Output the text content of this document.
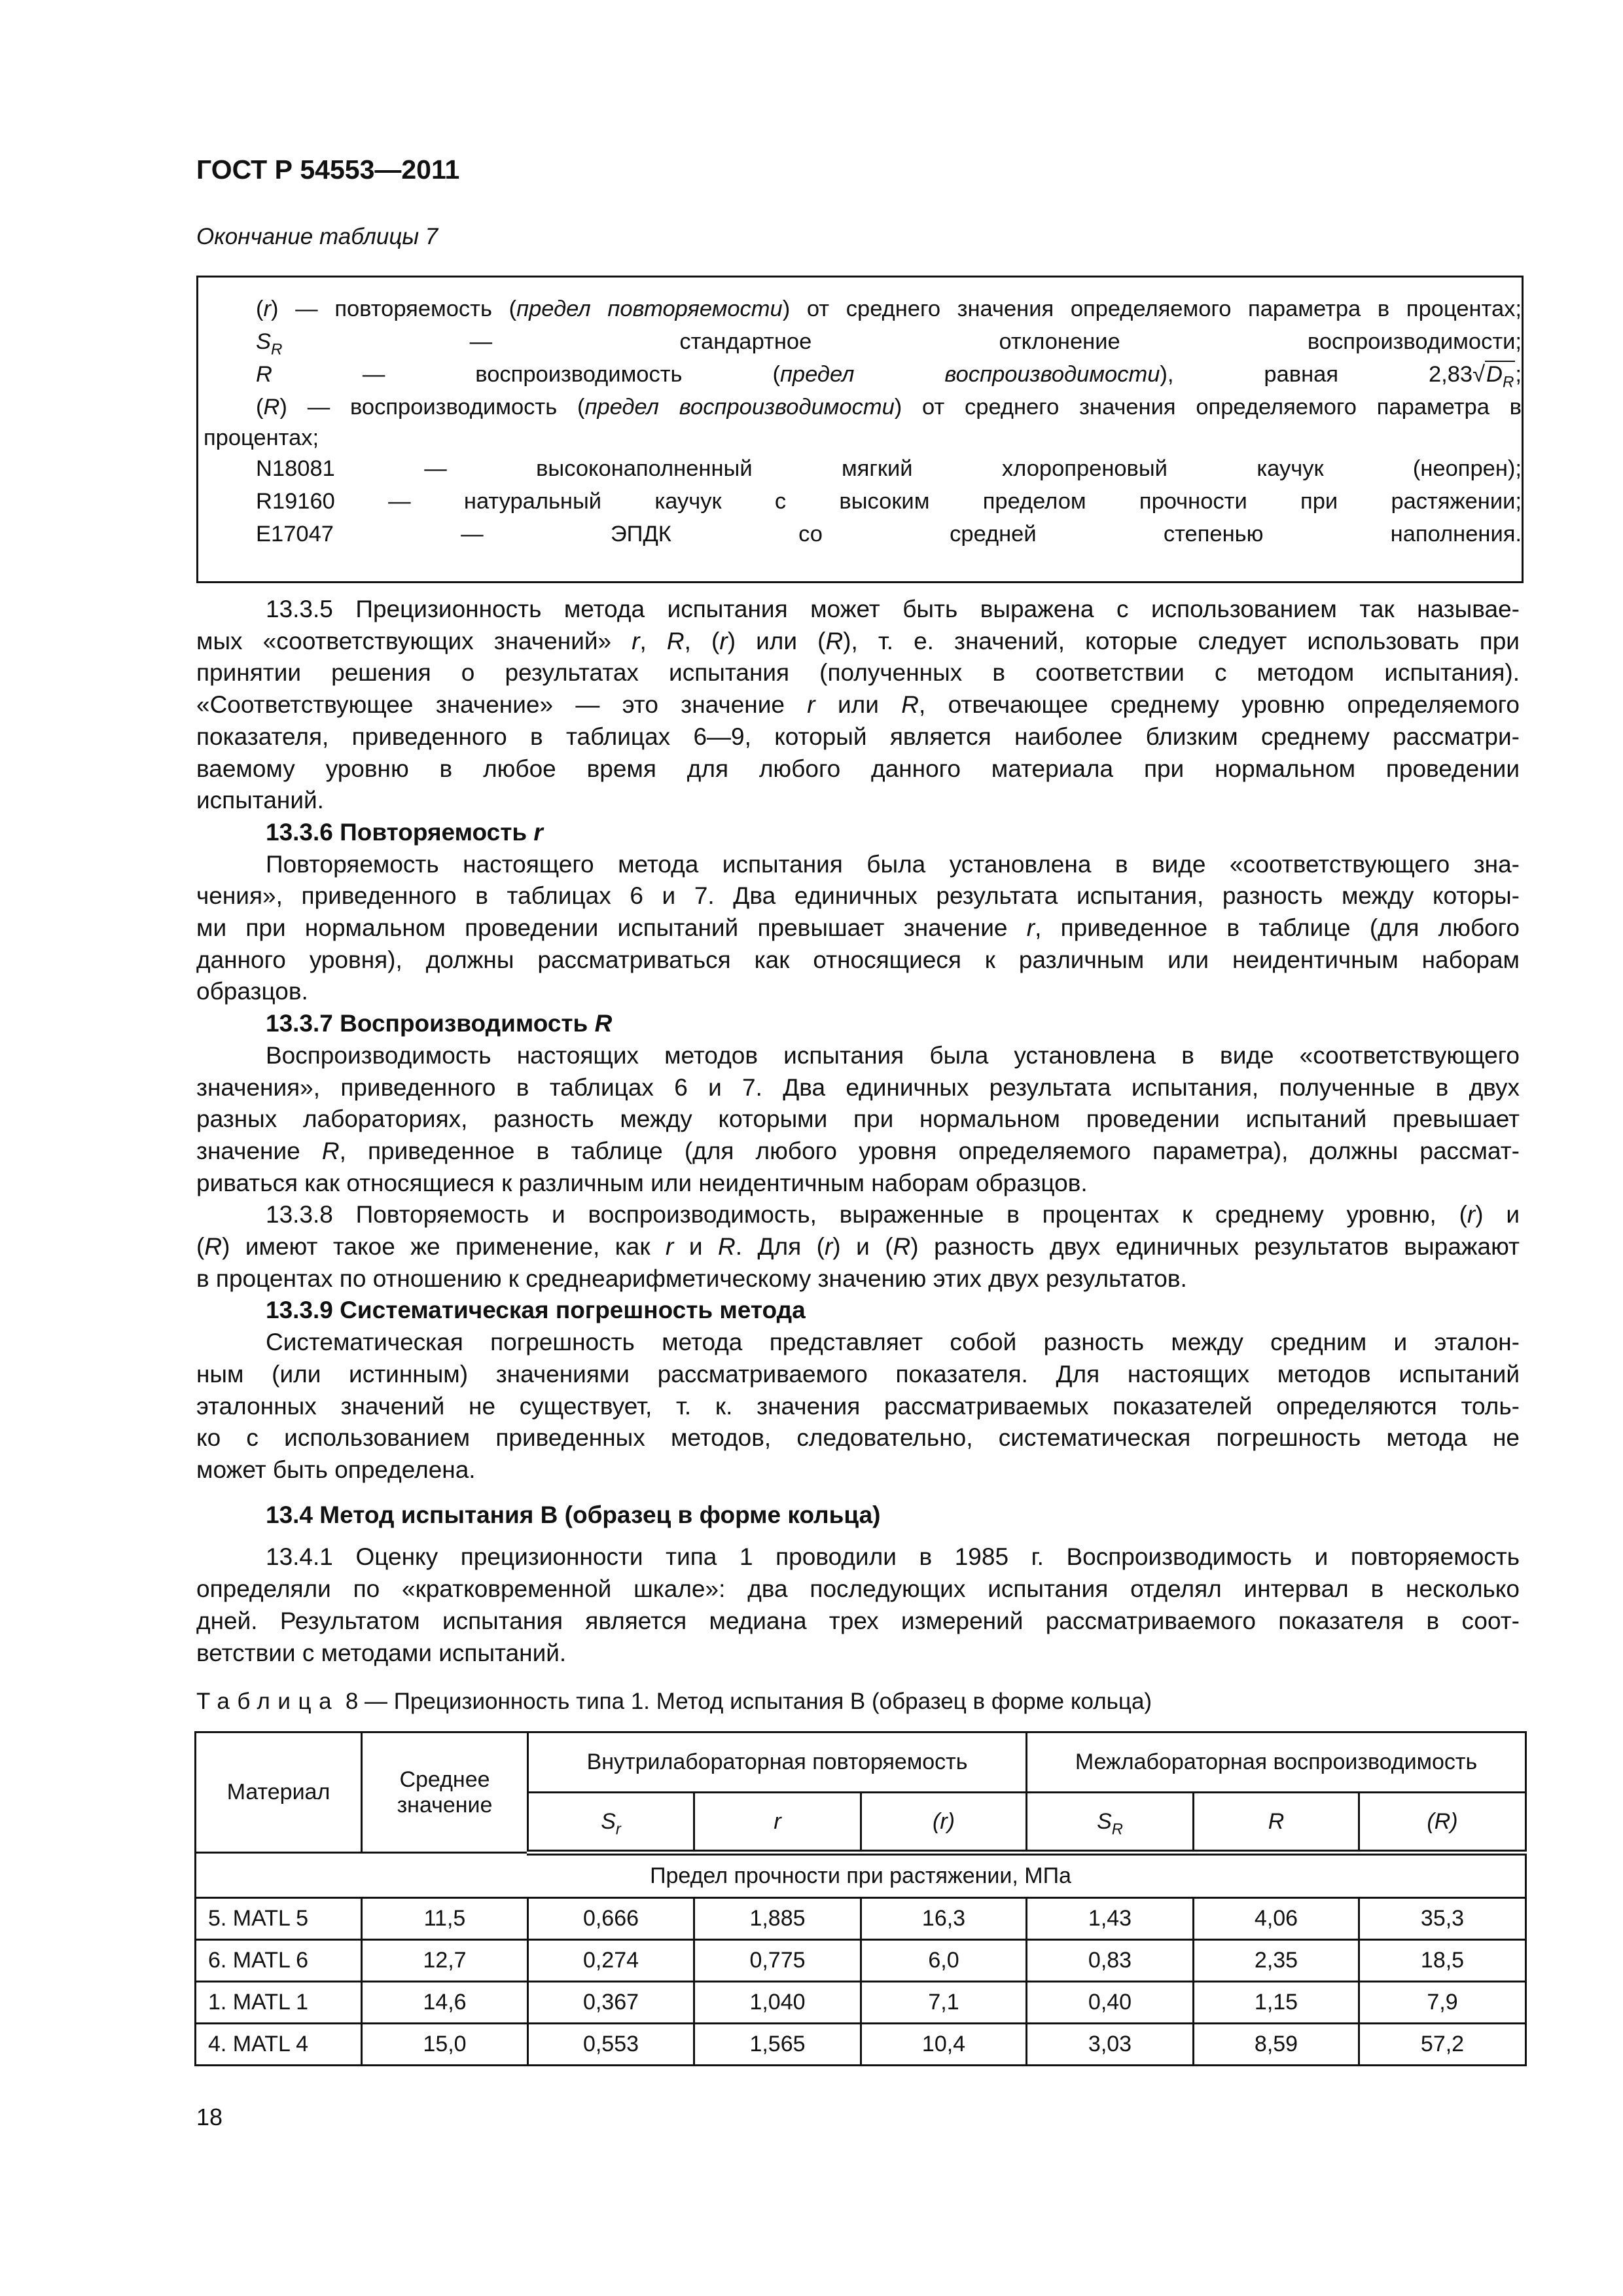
ГОСТ Р 54553—2011
Окончание таблицы 7
(r) — повторяемость (предел повторяемости) от среднего значения определяемого параметра в процентах;
$S_R$ — стандартное отклонение воспроизводимости;
R — воспроизводимость (предел воспроизводимости), равная $2,83√D_R$;
(R) — воспроизводимость (предел воспроизводимости) от среднего значения определяемого параметра в
процентах;
N18081 — высоконаполненный мягкий хлоропреновый каучук (неопрен);
R19160 — натуральный каучук с высоким пределом прочности при растяжении;
E17047 — ЭПДК со средней степенью наполнения.
13.3.5 Прецизионность метода испытания может быть выражена с использованием так называе-
мых «соответствующих значений» r, R, (r) или (R), т. е. значений, которые следует использовать при
принятии решения о результатах испытания (полученных в соответствии с методом испытания).
«Соответствующее значение» — это значение r или R, отвечающее среднему уровню определяемого
показателя, приведенного в таблицах 6—9, который является наиболее близким среднему рассматри-
ваемому уровню в любое время для любого данного материала при нормальном проведении
испытаний.
13.3.6 Повторяемость r
Повторяемость настоящего метода испытания была установлена в виде «соответствующего зна-
чения», приведенного в таблицах 6 и 7. Два единичных результата испытания, разность между которы-
ми при нормальном проведении испытаний превышает значение r, приведенное в таблице (для любого
данного уровня), должны рассматриваться как относящиеся к различным или неидентичным наборам
образцов.
13.3.7 Воспроизводимость R
Воспроизводимость настоящих методов испытания была установлена в виде «соответствующего
значения», приведенного в таблицах 6 и 7. Два единичных результата испытания, полученные в двух
разных лабораториях, разность между которыми при нормальном проведении испытаний превышает
значение R, приведенное в таблице (для любого уровня определяемого параметра), должны рассмат-
риваться как относящиеся к различным или неидентичным наборам образцов.
13.3.8 Повторяемость и воспроизводимость, выраженные в процентах к среднему уровню, (r) и
(R) имеют такое же применение, как r и R. Для (r) и (R) разность двух единичных результатов выражают
в процентах по отношению к среднеарифметическому значению этих двух результатов.
13.3.9 Систематическая погрешность метода
Систематическая погрешность метода представляет собой разность между средним и эталон-
ным (или истинным) значениями рассматриваемого показателя. Для настоящих методов испытаний
эталонных значений не существует, т. к. значения рассматриваемых показателей определяются толь-
ко с использованием приведенных методов, следовательно, систематическая погрешность метода не
может быть определена.
13.4 Метод испытания B (образец в форме кольца)
13.4.1 Оценку прецизионности типа 1 проводили в 1985 г. Воспроизводимость и повторяемость
определяли по «кратковременной шкале»: два последующих испытания отделял интервал в несколько
дней. Результатом испытания является медиана трех измерений рассматриваемого показателя в соот-
ветствии с методами испытаний.
Таблица 8 — Прецизионность типа 1. Метод испытания B (образец в форме кольца)
Материал	Среднее значение	Внутрилабораторная повторяемость			Межлабораторная воспроизводимость		
		$S_r$	r	(r)	$S_R$	R	(R)
Предел прочности при растяжении, МПа							
5. MATL 5	11,5	0,666	1,885	16,3	1,43	4,06	35,3
6. MATL 6	12,7	0,274	0,775	6,0	0,83	2,35	18,5
1. MATL 1	14,6	0,367	1,040	7,1	0,40	1,15	7,9
4. MATL 4	15,0	0,553	1,565	10,4	3,03	8,59	57,2
18
